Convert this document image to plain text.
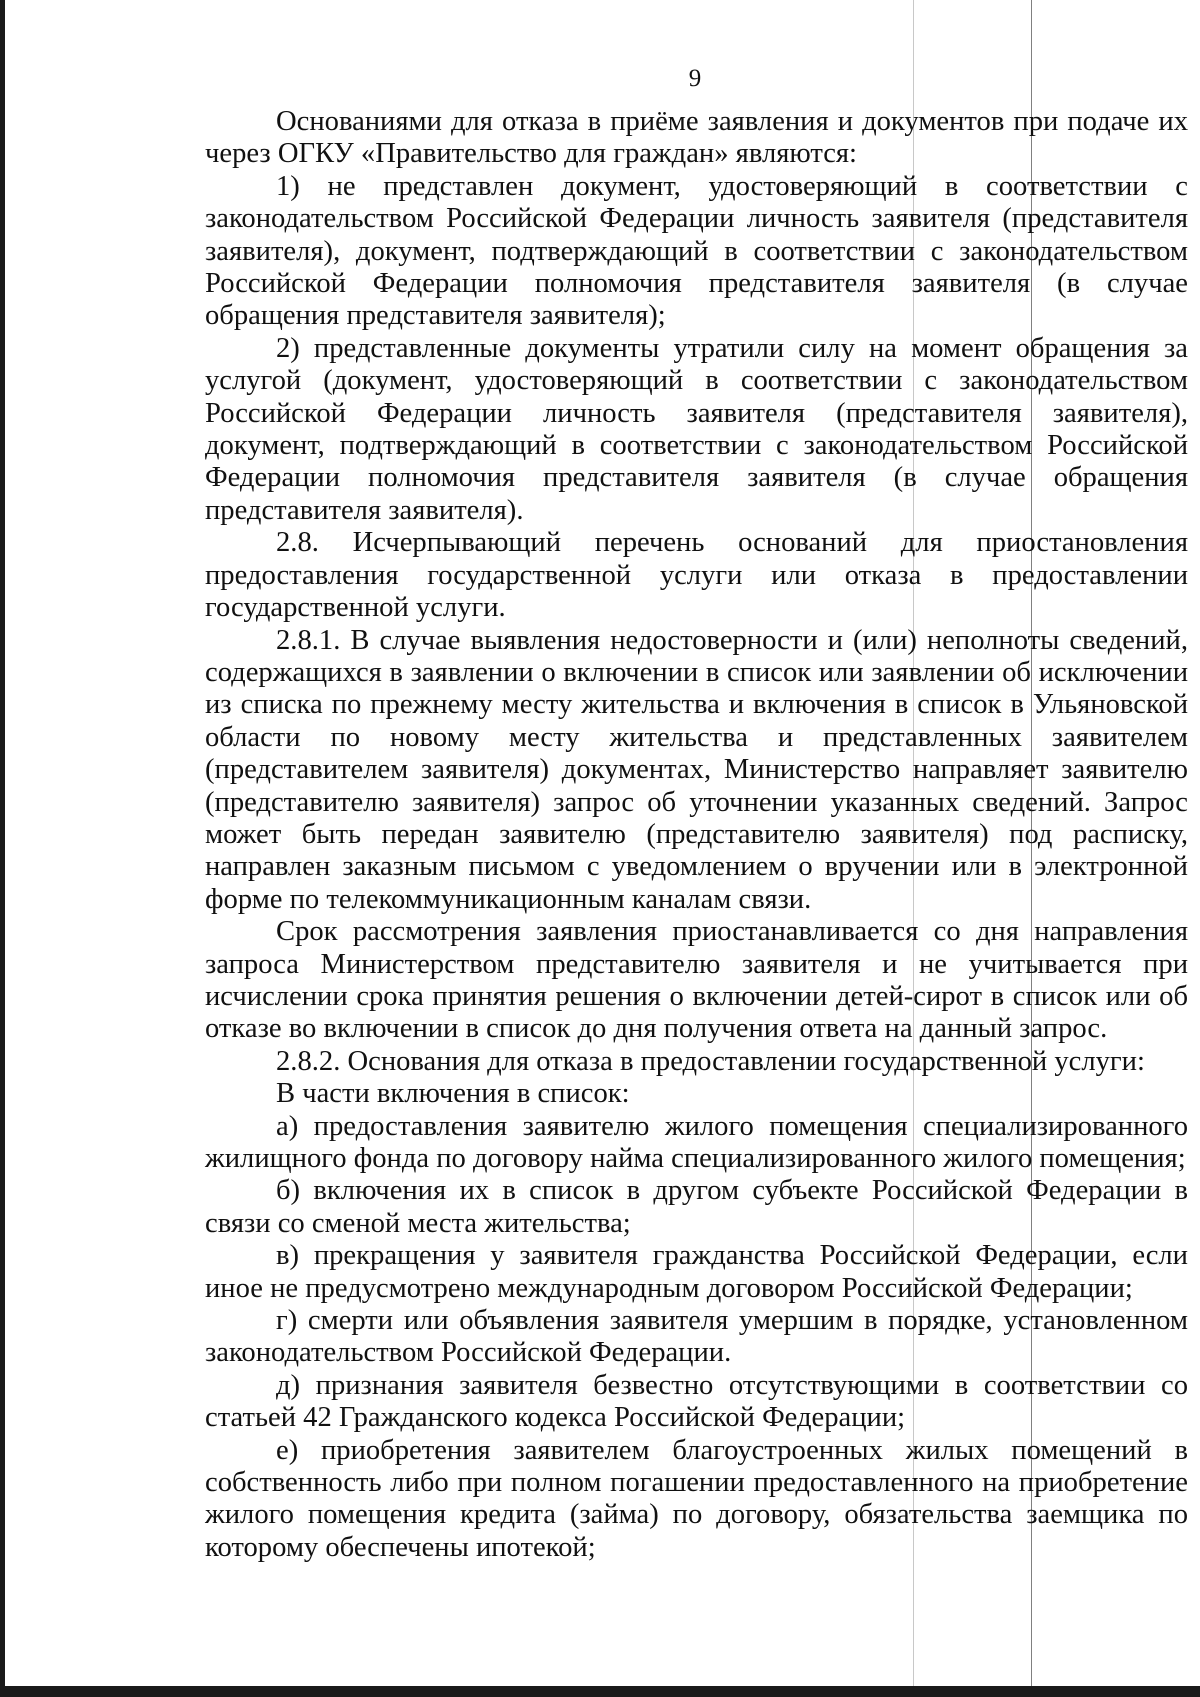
9

Основаниями для отказа в приёме заявления и документов при подаче их через ОГКУ «Правительство для граждан» являются:

1) не представлен документ, удостоверяющий в соответствии с законодательством Российской Федерации личность заявителя (представителя заявителя), документ, подтверждающий в соответствии с законодательством Российской Федерации полномочия представителя заявителя (в случае обращения представителя заявителя);

2) представленные документы утратили силу на момент обращения за услугой (документ, удостоверяющий в соответствии с законодательством Российской Федерации личность заявителя (представителя заявителя), документ, подтверждающий в соответствии с законодательством Российской Федерации полномочия представителя заявителя (в случае обращения представителя заявителя).

2.8. Исчерпывающий перечень оснований для приостановления предоставления государственной услуги или отказа в предоставлении государственной услуги.

2.8.1. В случае выявления недостоверности и (или) неполноты сведений, содержащихся в заявлении о включении в список или заявлении об исключении из списка по прежнему месту жительства и включения в список в Ульяновской области по новому месту жительства и представленных заявителем (представителем заявителя) документах, Министерство направляет заявителю (представителю заявителя) запрос об уточнении указанных сведений. Запрос может быть передан заявителю (представителю заявителя) под расписку, направлен заказным письмом с уведомлением о вручении или в электронной форме по телекоммуникационным каналам связи.

Срок рассмотрения заявления приостанавливается со дня направления запроса Министерством представителю заявителя и не учитывается при исчислении срока принятия решения о включении детей-сирот в список или об отказе во включении в список до дня получения ответа на данный запрос.

2.8.2. Основания для отказа в предоставлении государственной услуги:

В части включения в список:

а) предоставления заявителю жилого помещения специализированного жилищного фонда по договору найма специализированного жилого помещения;

б) включения их в список в другом субъекте Российской Федерации в связи со сменой места жительства;

в) прекращения у заявителя гражданства Российской Федерации, если иное не предусмотрено международным договором Российской Федерации;

г) смерти или объявления заявителя умершим в порядке, установленном законодательством Российской Федерации.

д) признания заявителя безвестно отсутствующими в соответствии со статьей 42 Гражданского кодекса Российской Федерации;

е) приобретения заявителем благоустроенных жилых помещений в собственность либо при полном погашении предоставленного на приобретение жилого помещения кредита (займа) по договору, обязательства заемщика по которому обеспечены ипотекой;
